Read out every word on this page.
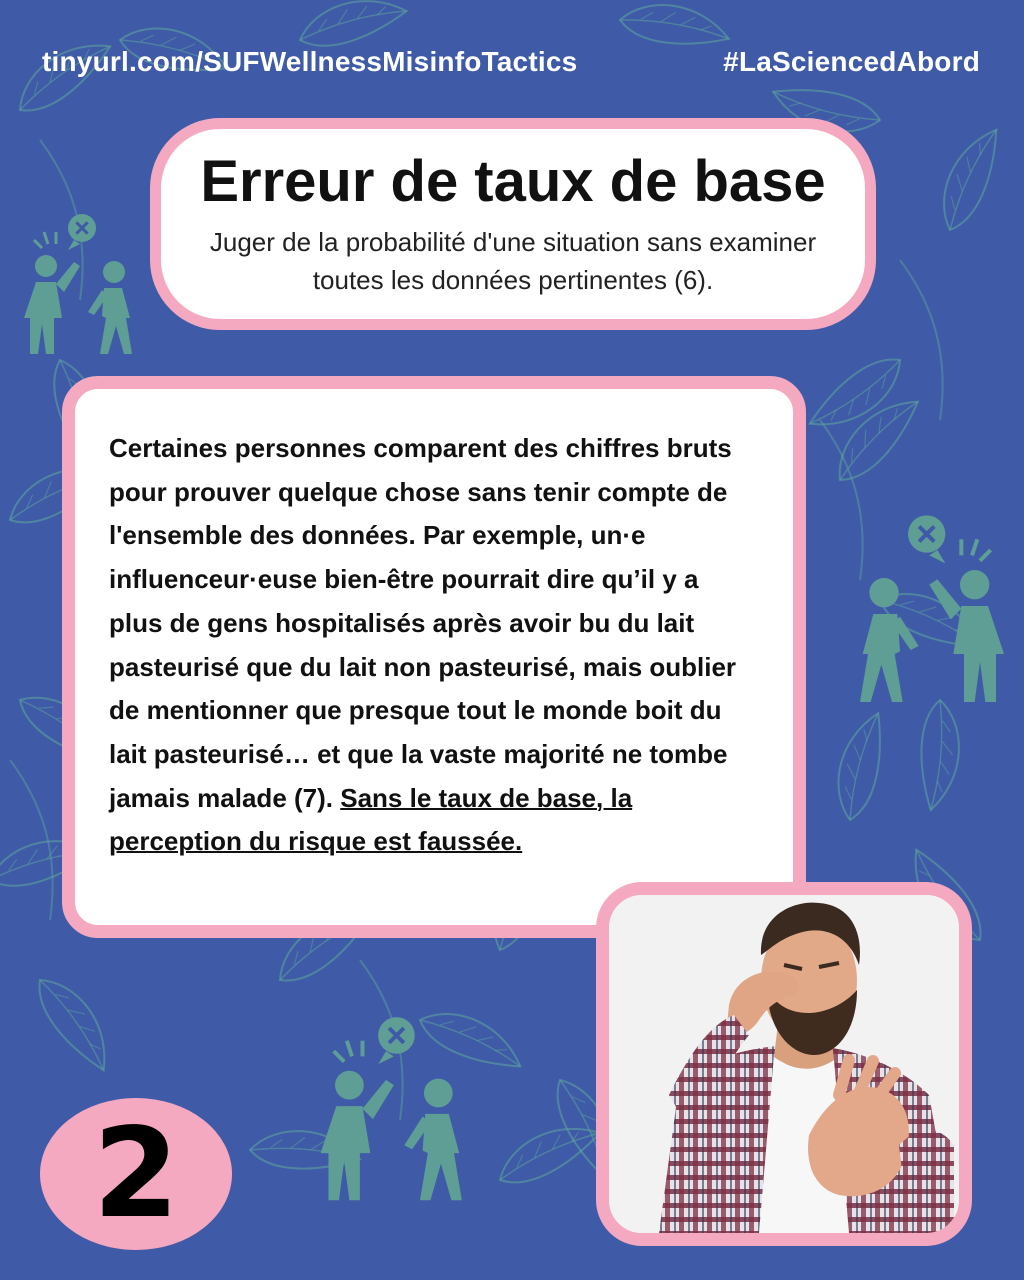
tinyurl.com/SUFWellnessMisinfoTactics	#LaSciencedAbord
Erreur de taux de base

Juger de la probabilité d'une situation sans examiner toutes les données pertinentes (6).

Certaines personnes comparent des chiffres bruts pour prouver quelque chose sans tenir compte de l'ensemble des données. Par exemple, un·e influenceur·euse bien-être pourrait dire qu’il y a plus de gens hospitalisés après avoir bu du lait pasteurisé que du lait non pasteurisé, mais oublier de mentionner que presque tout le monde boit du lait pasteurisé… et que la vaste majorité ne tombe jamais malade (7). Sans le taux de base, la perception du risque est faussée.
2
